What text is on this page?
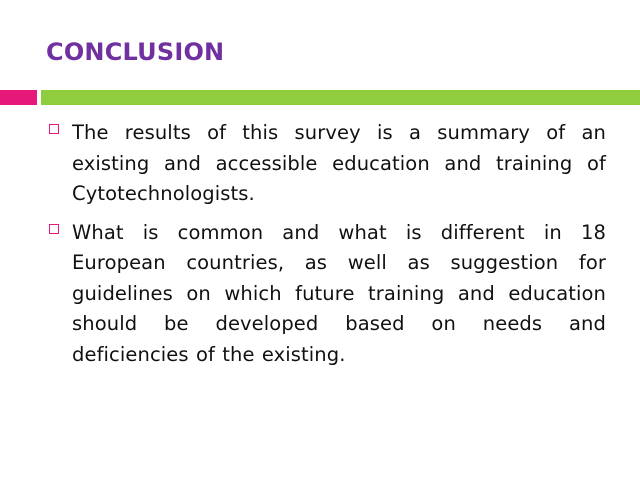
CONCLUSION
The results of this survey is a summary of an existing and accessible education and training of Cytotechnologists.
What is common and what is different in 18 European countries, as well as suggestion for guidelines on which future training and education should be developed based on needs and deficiencies of the existing.
